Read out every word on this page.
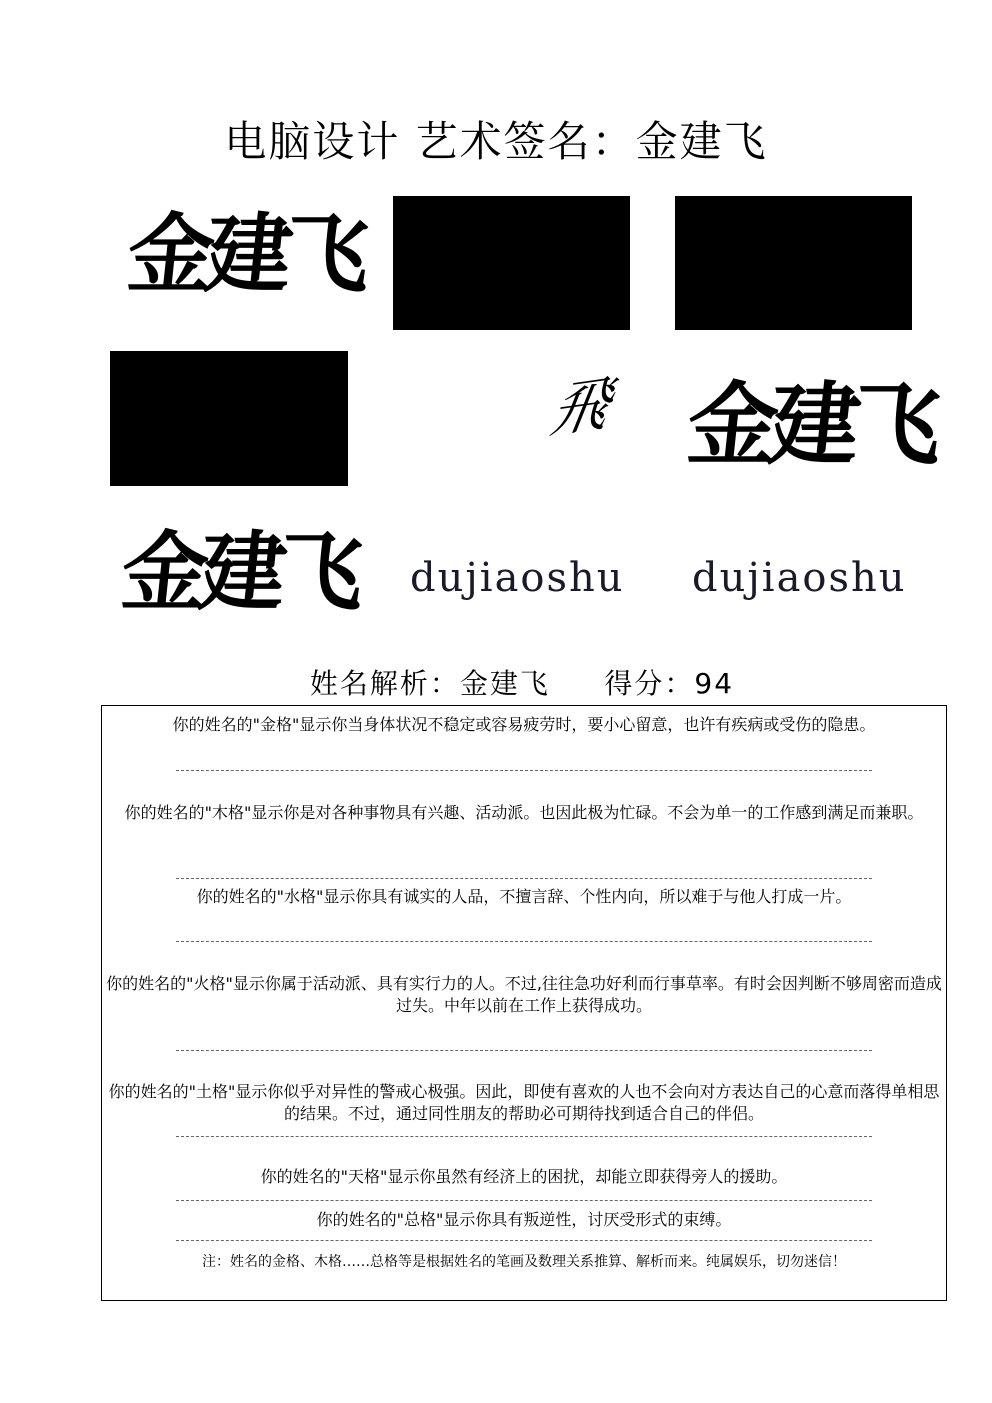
电脑设计 艺术签名：金建飞
金建飞
飛 金建飞
金建飞 dujiaoshu dujiaoshu
姓名解析：金建飞     得分：94
你的姓名的"金格"显示你当身体状况不稳定或容易疲劳时，要小心留意，也许有疾病或受伤的隐患。
你的姓名的"木格"显示你是对各种事物具有兴趣、活动派。也因此极为忙碌。不会为单一的工作感到满足而兼职。
你的姓名的"水格"显示你具有诚实的人品，不擅言辞、个性内向，所以难于与他人打成一片。
你的姓名的"火格"显示你属于活动派、具有实行力的人。不过,往往急功好利而行事草率。有时会因判断不够周密而造成过失。中年以前在工作上获得成功。
你的姓名的"土格"显示你似乎对异性的警戒心极强。因此，即使有喜欢的人也不会向对方表达自己的心意而落得单相思的结果。不过，通过同性朋友的帮助必可期待找到适合自己的伴侣。
你的姓名的"天格"显示你虽然有经济上的困扰，却能立即获得旁人的援助。
你的姓名的"总格"显示你具有叛逆性，讨厌受形式的束缚。
注：姓名的金格、木格……总格等是根据姓名的笔画及数理关系推算、解析而来。纯属娱乐，切勿迷信！
